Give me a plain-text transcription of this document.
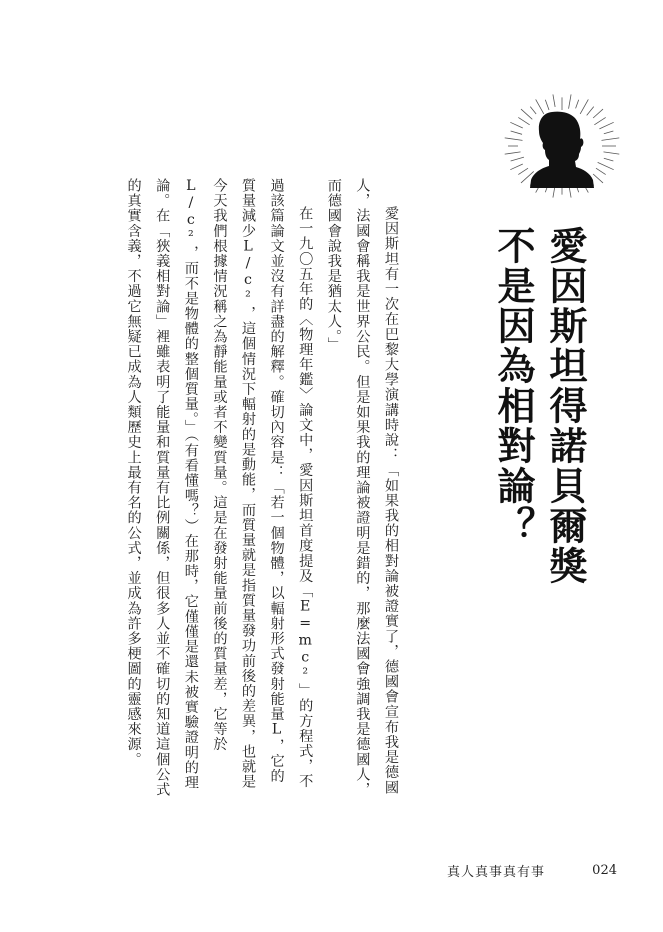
愛因斯坦得諾貝爾獎
不是因為相對論？

愛因斯坦有一次在巴黎大學演講時說：「如果我的相對論被證實了，德國會宣布我是德國人，法國會稱我是世界公民。但是如果我的理論被證明是錯的，那麼法國會強調我是德國人，而德國會說我是猶太人。」

在一九〇五年的〈物理年鑑〉論文中，愛因斯坦首度提及「E=mc²」的方程式，不過該篇論文並沒有詳盡的解釋。確切內容是：「若一個物體，以輻射形式發射能量L，它的質量減少L/c²，這個情況下輻射的是動能，而質量就是指質量發功前後的差異，也就是今天我們根據情況稱之為靜能量或者不變質量。這是在發射能量前後的質量差，它等於L/c²，而不是物體的整個質量。」（有看懂嗎？）在那時，它僅僅是還未被實驗證明的理論。在「狹義相對論」裡雖表明了能量和質量有比例關係，但很多人並不確切的知道這個公式的真實含義，不過它無疑已成為人類歷史上最有名的公式，並成為許多梗圖的靈感來源。

真人真事真有事	024
